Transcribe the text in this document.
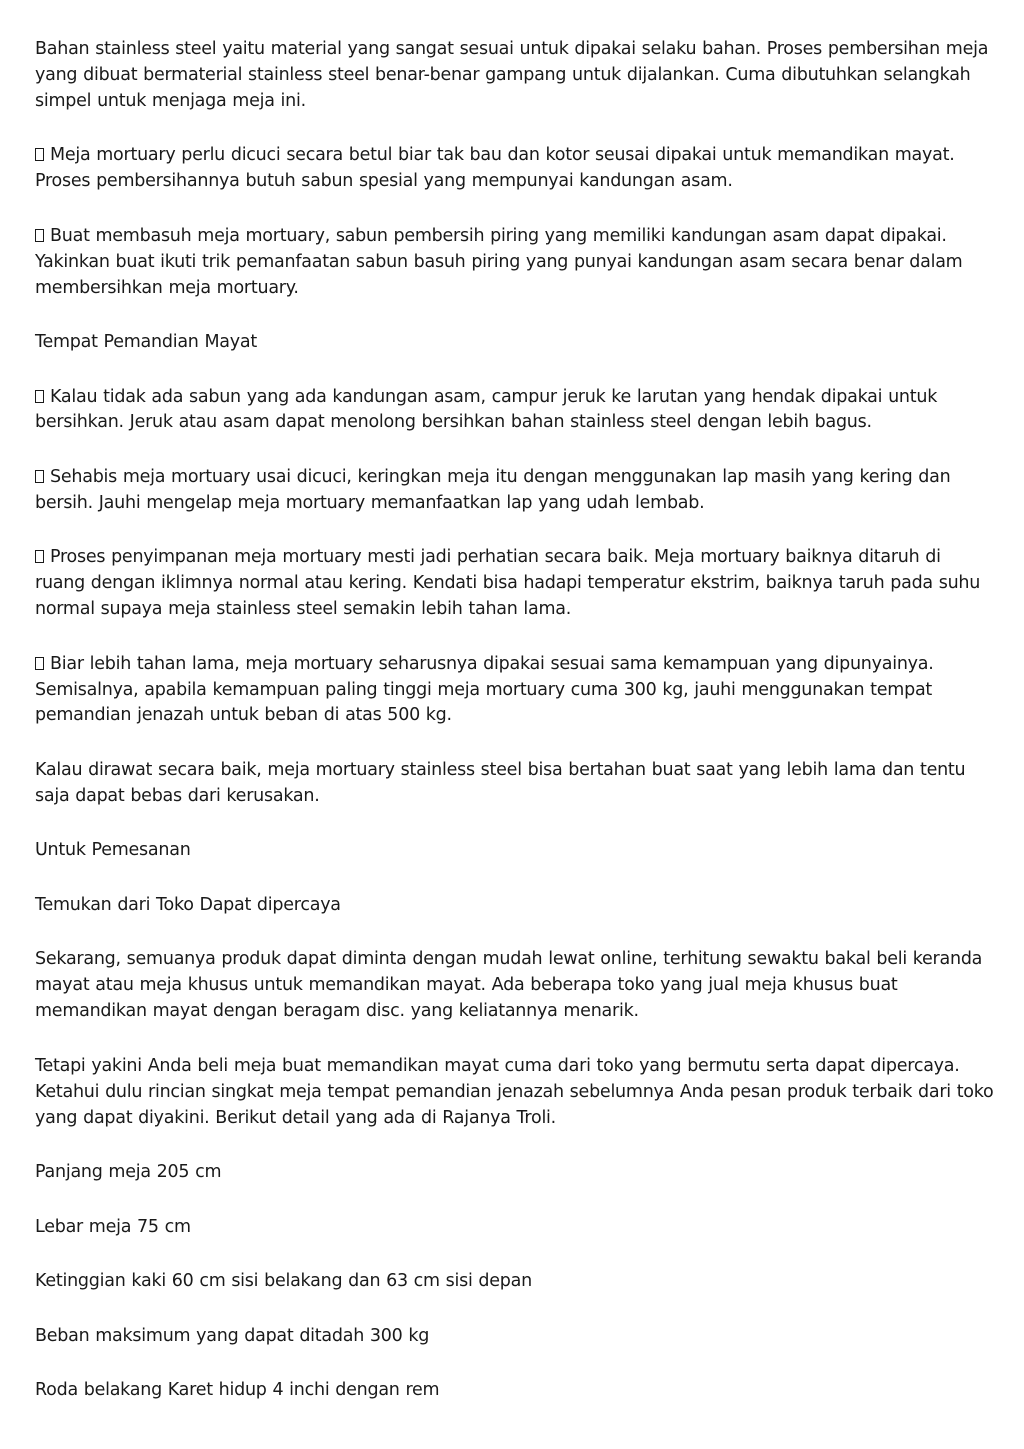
Bahan stainless steel yaitu material yang sangat sesuai untuk dipakai selaku bahan. Proses pembersihan meja yang dibuat bermaterial stainless steel benar-benar gampang untuk dijalankan. Cuma dibutuhkan selangkah simpel untuk menjaga meja ini.

Meja mortuary perlu dicuci secara betul biar tak bau dan kotor seusai dipakai untuk memandikan mayat. Proses pembersihannya butuh sabun spesial yang mempunyai kandungan asam.

Buat membasuh meja mortuary, sabun pembersih piring yang memiliki kandungan asam dapat dipakai. Yakinkan buat ikuti trik pemanfaatan sabun basuh piring yang punyai kandungan asam secara benar dalam membersihkan meja mortuary.

Tempat Pemandian Mayat

Kalau tidak ada sabun yang ada kandungan asam, campur jeruk ke larutan yang hendak dipakai untuk bersihkan. Jeruk atau asam dapat menolong bersihkan bahan stainless steel dengan lebih bagus.

Sehabis meja mortuary usai dicuci, keringkan meja itu dengan menggunakan lap masih yang kering dan bersih. Jauhi mengelap meja mortuary memanfaatkan lap yang udah lembab.

Proses penyimpanan meja mortuary mesti jadi perhatian secara baik. Meja mortuary baiknya ditaruh di ruang dengan iklimnya normal atau kering. Kendati bisa hadapi temperatur ekstrim, baiknya taruh pada suhu normal supaya meja stainless steel semakin lebih tahan lama.

Biar lebih tahan lama, meja mortuary seharusnya dipakai sesuai sama kemampuan yang dipunyainya. Semisalnya, apabila kemampuan paling tinggi meja mortuary cuma 300 kg, jauhi menggunakan tempat pemandian jenazah untuk beban di atas 500 kg.

Kalau dirawat secara baik, meja mortuary stainless steel bisa bertahan buat saat yang lebih lama dan tentu saja dapat bebas dari kerusakan.

Untuk Pemesanan

Temukan dari Toko Dapat dipercaya

Sekarang, semuanya produk dapat diminta dengan mudah lewat online, terhitung sewaktu bakal beli keranda mayat atau meja khusus untuk memandikan mayat. Ada beberapa toko yang jual meja khusus buat memandikan mayat dengan beragam disc. yang keliatannya menarik.

Tetapi yakini Anda beli meja buat memandikan mayat cuma dari toko yang bermutu serta dapat dipercaya. Ketahui dulu rincian singkat meja tempat pemandian jenazah sebelumnya Anda pesan produk terbaik dari toko yang dapat diyakini. Berikut detail yang ada di Rajanya Troli.

Panjang meja 205 cm

Lebar meja 75 cm

Ketinggian kaki 60 cm sisi belakang dan 63 cm sisi depan

Beban maksimum yang dapat ditadah 300 kg

Roda belakang Karet hidup 4 inchi dengan rem
